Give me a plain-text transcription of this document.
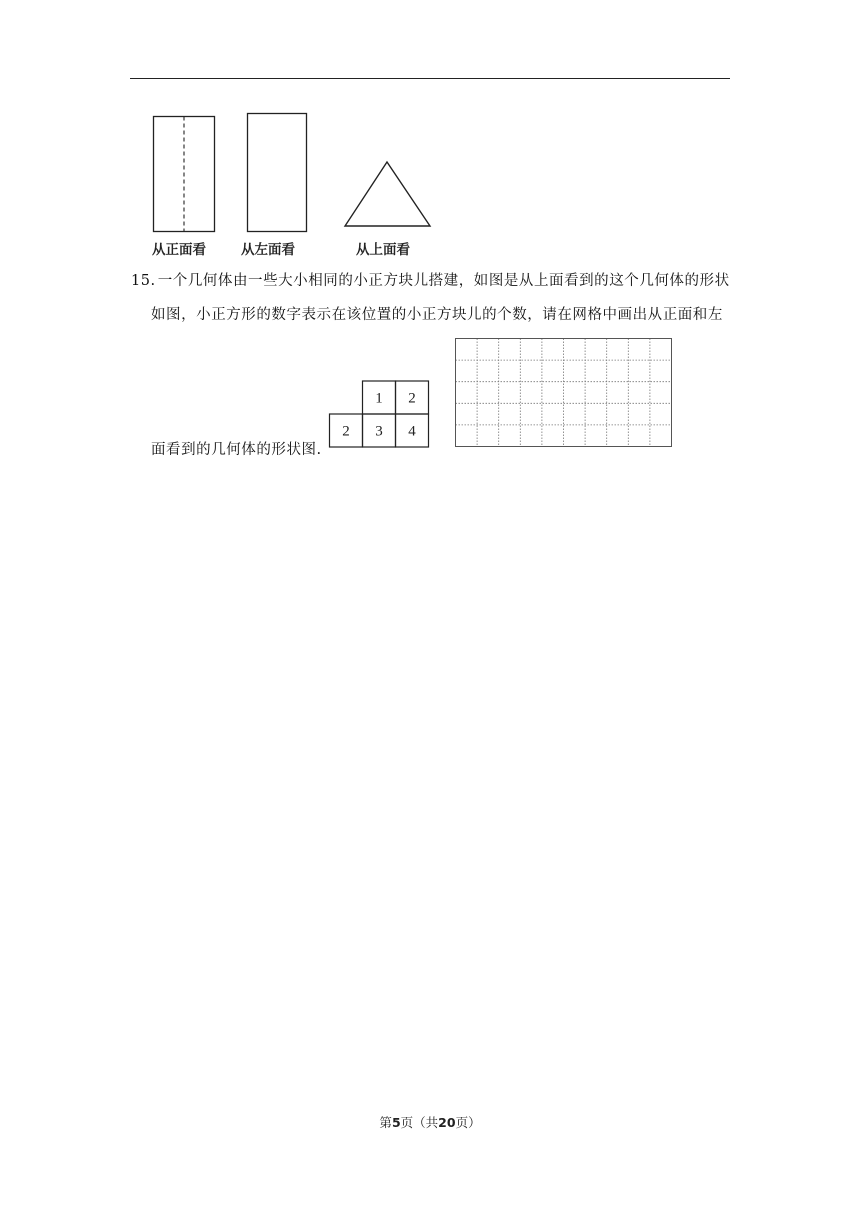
从正面看	从左面看	从上面看
15. 一个几何体由一些大小相同的小正方块儿搭建，如图是从上面看到的这个几何体的形状
如图，小正方形的数字表示在该位置的小正方块儿的个数，请在网格中画出从正面和左
面看到的几何体的形状图.
1 2
2 3 4
第5页（共20页）
